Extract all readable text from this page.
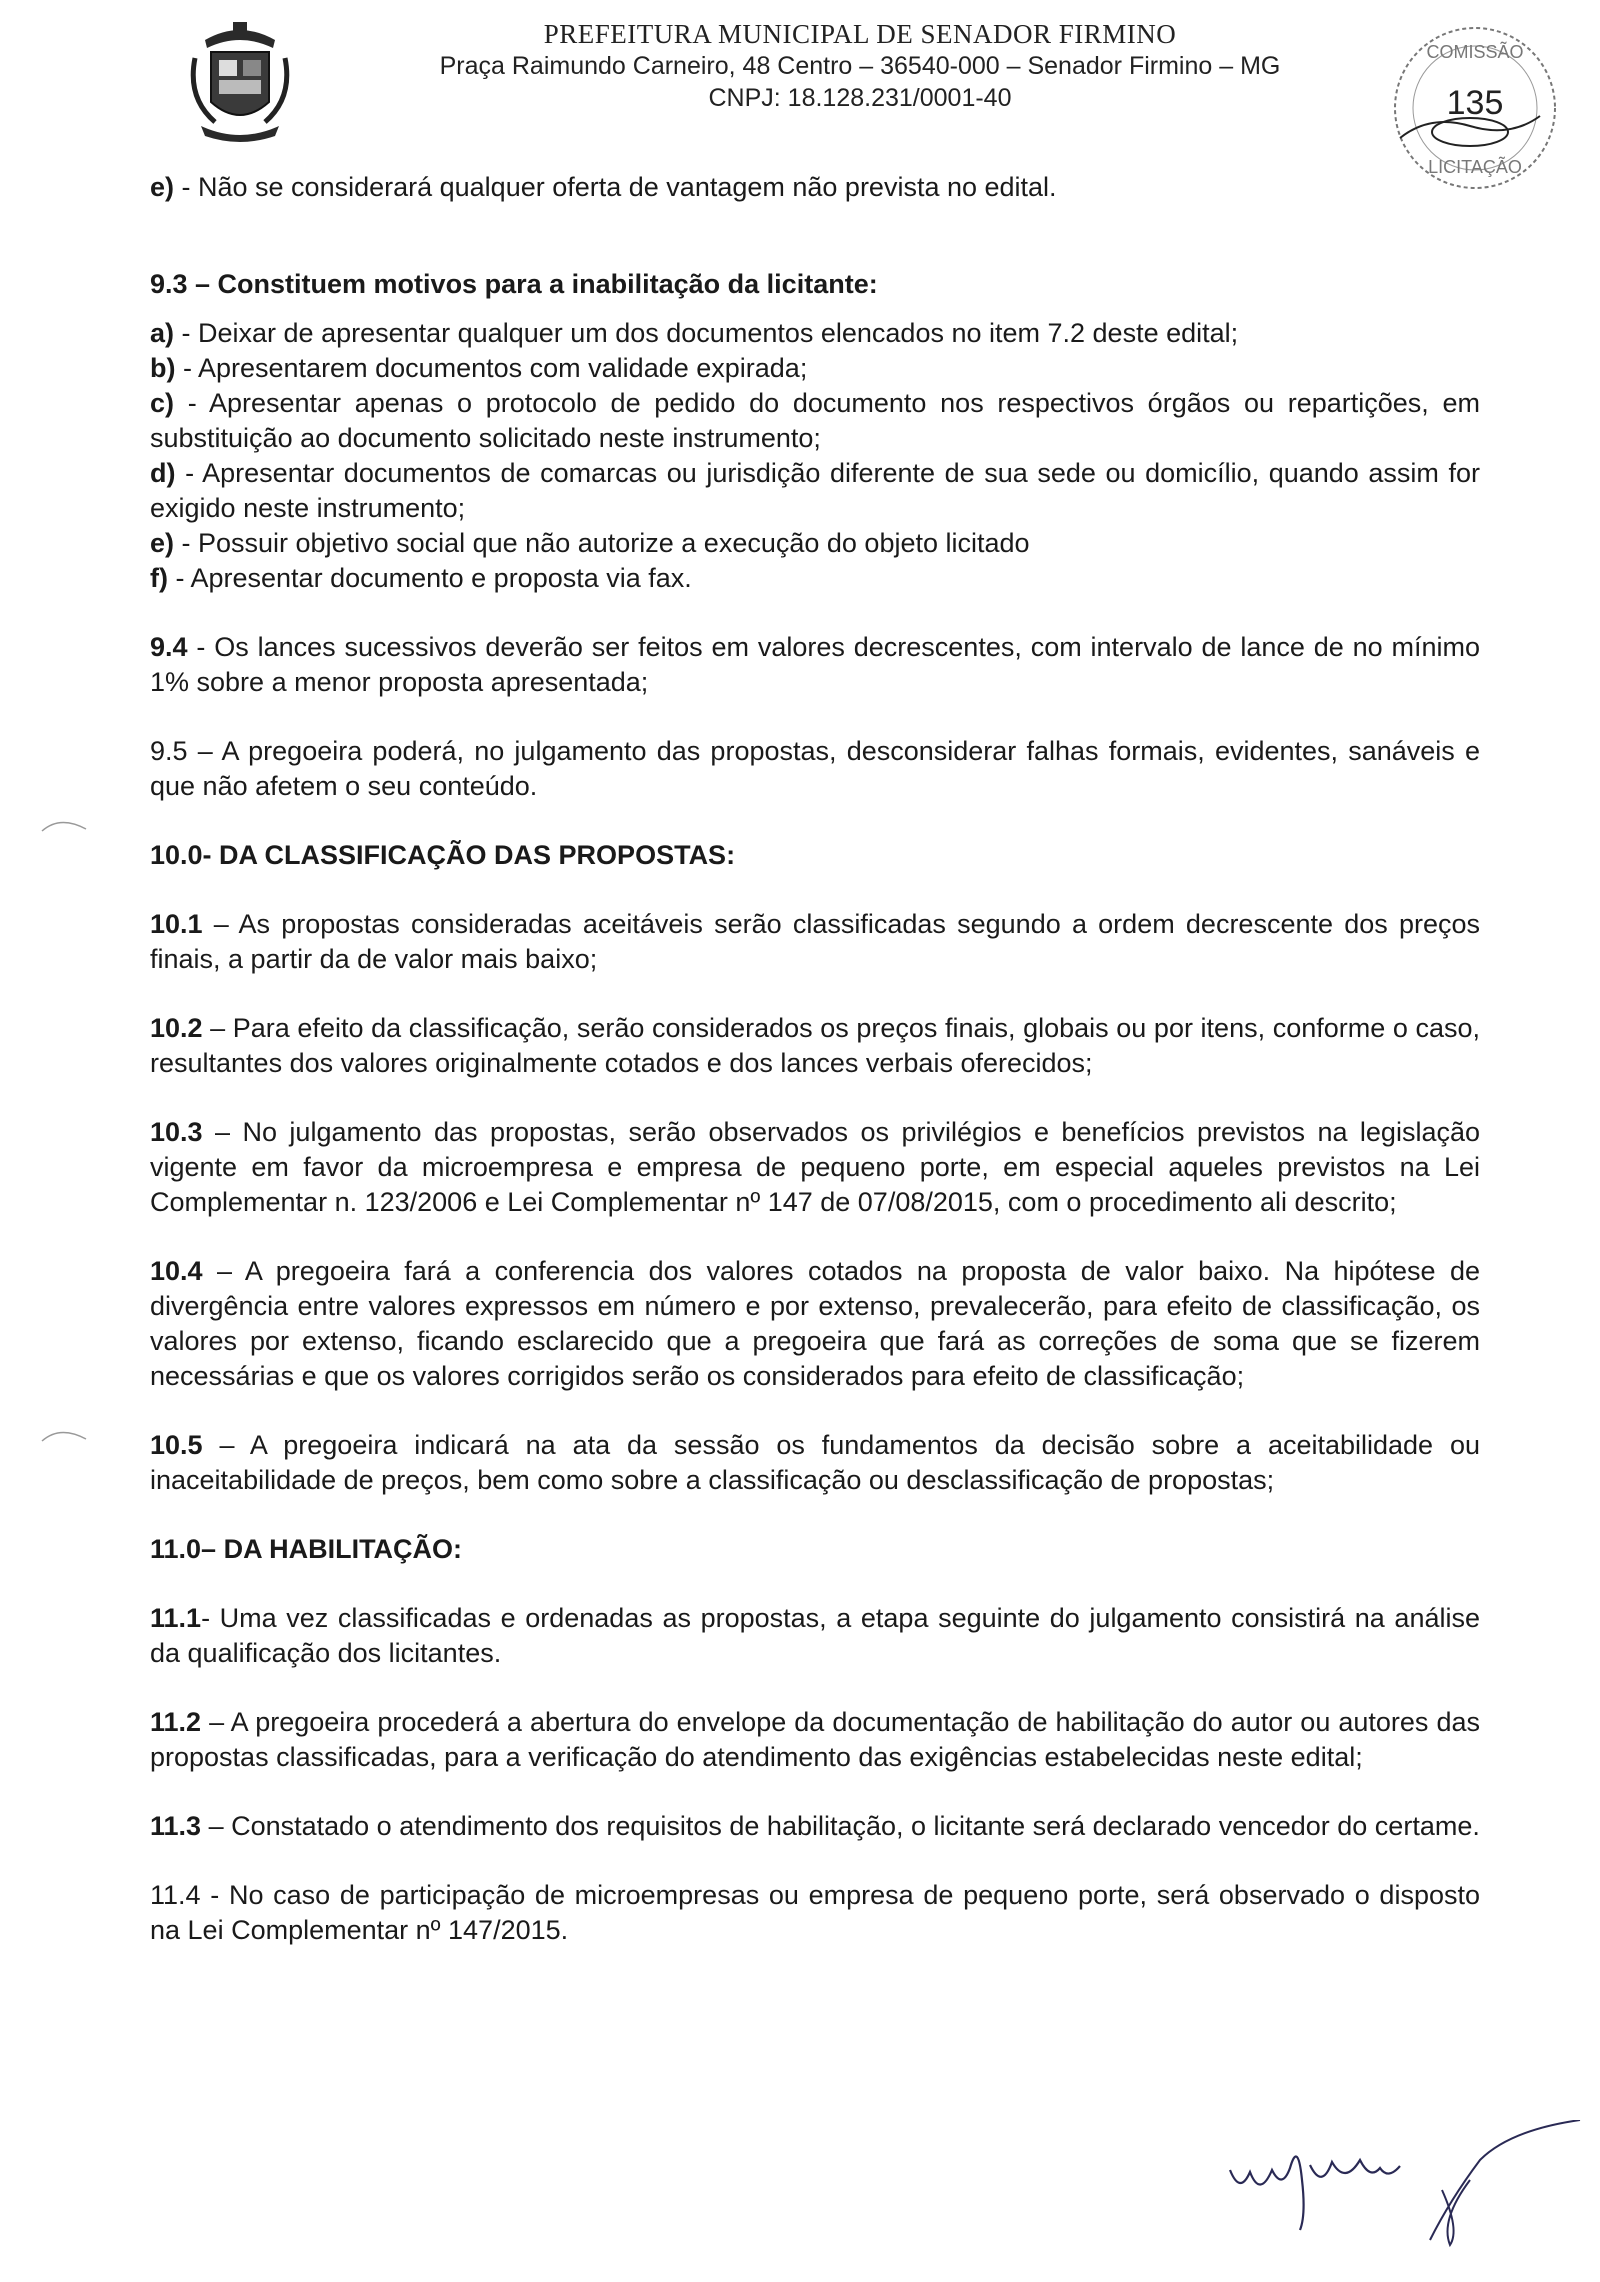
PREFEITURA MUNICIPAL DE SENADOR FIRMINO
Praça Raimundo Carneiro, 48 Centro – 36540-000 – Senador Firmino – MG
CNPJ: 18.128.231/0001-40
COMISSÃO
LICITAÇÃO
135

e) - Não se considerará qualquer oferta de vantagem não prevista no edital.

9.3 – Constituem motivos para a inabilitação da licitante:

a) - Deixar de apresentar qualquer um dos documentos elencados no item 7.2 deste edital;

b) - Apresentarem documentos com validade expirada;

c) - Apresentar apenas o protocolo de pedido do documento nos respectivos órgãos ou repartições, em substituição ao documento solicitado neste instrumento;

d) - Apresentar documentos de comarcas ou jurisdição diferente de sua sede ou domicílio, quando assim for exigido neste instrumento;

e) - Possuir objetivo social que não autorize a execução do objeto licitado

f) - Apresentar documento e proposta via fax.

9.4 - Os lances sucessivos deverão ser feitos em valores decrescentes, com intervalo de lance de no mínimo 1% sobre a menor proposta apresentada;

9.5 – A pregoeira poderá, no julgamento das propostas, desconsiderar falhas formais, evidentes, sanáveis e que não afetem o seu conteúdo.

10.0- DA CLASSIFICAÇÃO DAS PROPOSTAS:

10.1 – As propostas consideradas aceitáveis serão classificadas segundo a ordem decrescente dos preços finais, a partir da de valor mais baixo;

10.2 – Para efeito da classificação, serão considerados os preços finais, globais ou por itens, conforme o caso, resultantes dos valores originalmente cotados e dos lances verbais oferecidos;

10.3 – No julgamento das propostas, serão observados os privilégios e benefícios previstos na legislação vigente em favor da microempresa e empresa de pequeno porte, em especial aqueles previstos na Lei Complementar n. 123/2006 e Lei Complementar nº 147 de 07/08/2015, com o procedimento ali descrito;

10.4 – A pregoeira fará a conferencia dos valores cotados na proposta de valor baixo. Na hipótese de divergência entre valores expressos em número e por extenso, prevalecerão, para efeito de classificação, os valores por extenso, ficando esclarecido que a pregoeira que fará as correções de soma que se fizerem necessárias e que os valores corrigidos serão os considerados para efeito de classificação;

10.5 – A pregoeira indicará na ata da sessão os fundamentos da decisão sobre a aceitabilidade ou inaceitabilidade de preços, bem como sobre a classificação ou desclassificação de propostas;

11.0– DA HABILITAÇÃO:

11.1- Uma vez classificadas e ordenadas as propostas, a etapa seguinte do julgamento consistirá na análise da qualificação dos licitantes.

11.2 – A pregoeira procederá a abertura do envelope da documentação de habilitação do autor ou autores das propostas classificadas, para a verificação do atendimento das exigências estabelecidas neste edital;

11.3 – Constatado o atendimento dos requisitos de habilitação, o licitante será declarado vencedor do certame.

11.4 - No caso de participação de microempresas ou empresa de pequeno porte, será observado o disposto na Lei Complementar nº 147/2015.
